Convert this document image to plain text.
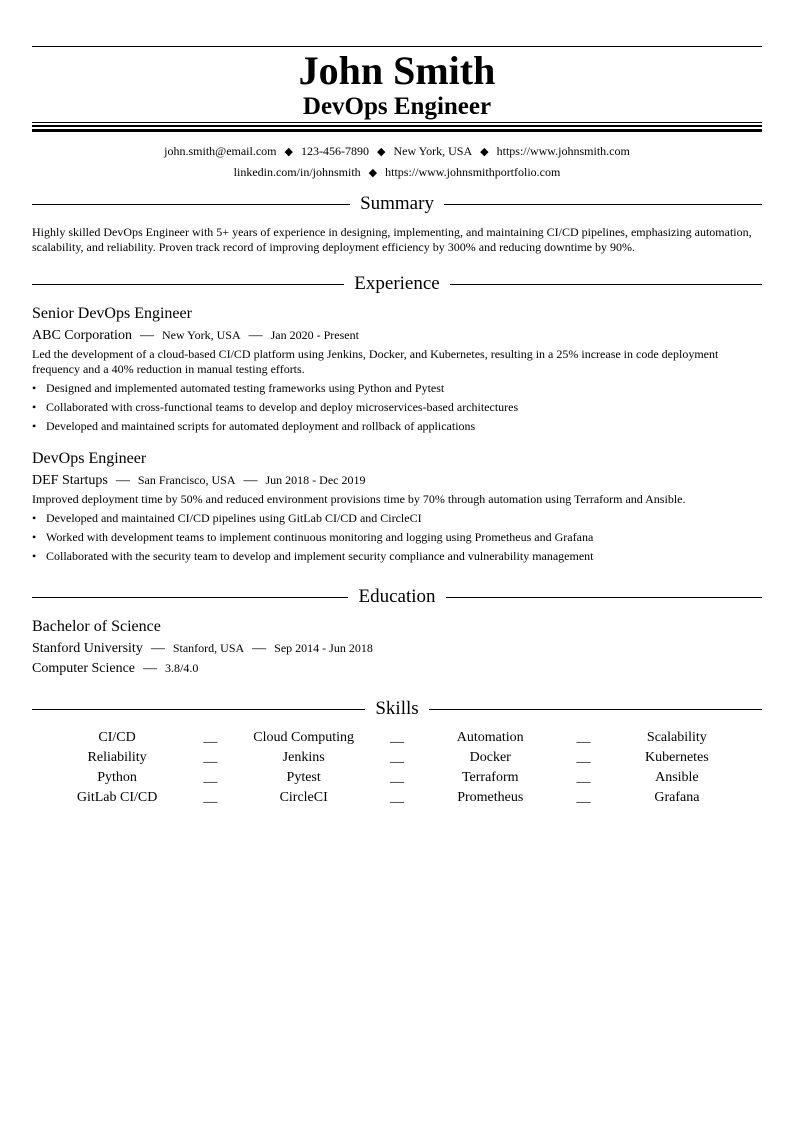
John Smith
DevOps Engineer
john.smith@email.com ◆ 123-456-7890 ◆ New York, USA ◆ https://www.johnsmith.com
linkedin.com/in/johnsmith ◆ https://www.johnsmithportfolio.com
Summary
Highly skilled DevOps Engineer with 5+ years of experience in designing, implementing, and maintaining CI/CD pipelines, emphasizing automation, scalability, and reliability. Proven track record of improving deployment efficiency by 300% and reducing downtime by 90%.
Experience
Senior DevOps Engineer
ABC Corporation — New York, USA — Jan 2020 - Present
Led the development of a cloud-based CI/CD platform using Jenkins, Docker, and Kubernetes, resulting in a 25% increase in code deployment frequency and a 40% reduction in manual testing efforts.
• Designed and implemented automated testing frameworks using Python and Pytest
• Collaborated with cross-functional teams to develop and deploy microservices-based architectures
• Developed and maintained scripts for automated deployment and rollback of applications
DevOps Engineer
DEF Startups — San Francisco, USA — Jun 2018 - Dec 2019
Improved deployment time by 50% and reduced environment provisions time by 70% through automation using Terraform and Ansible.
• Developed and maintained CI/CD pipelines using GitLab CI/CD and CircleCI
• Worked with development teams to implement continuous monitoring and logging using Prometheus and Grafana
• Collaborated with the security team to develop and implement security compliance and vulnerability management
Education
Bachelor of Science
Stanford University — Stanford, USA — Sep 2014 - Jun 2018
Computer Science — 3.8/4.0
Skills
CI/CD	__	Cloud Computing	__	Automation	__	Scalability
Reliability	__	Jenkins	__	Docker	__	Kubernetes
Python	__	Pytest	__	Terraform	__	Ansible
GitLab CI/CD	__	CircleCI	__	Prometheus	__	Grafana
